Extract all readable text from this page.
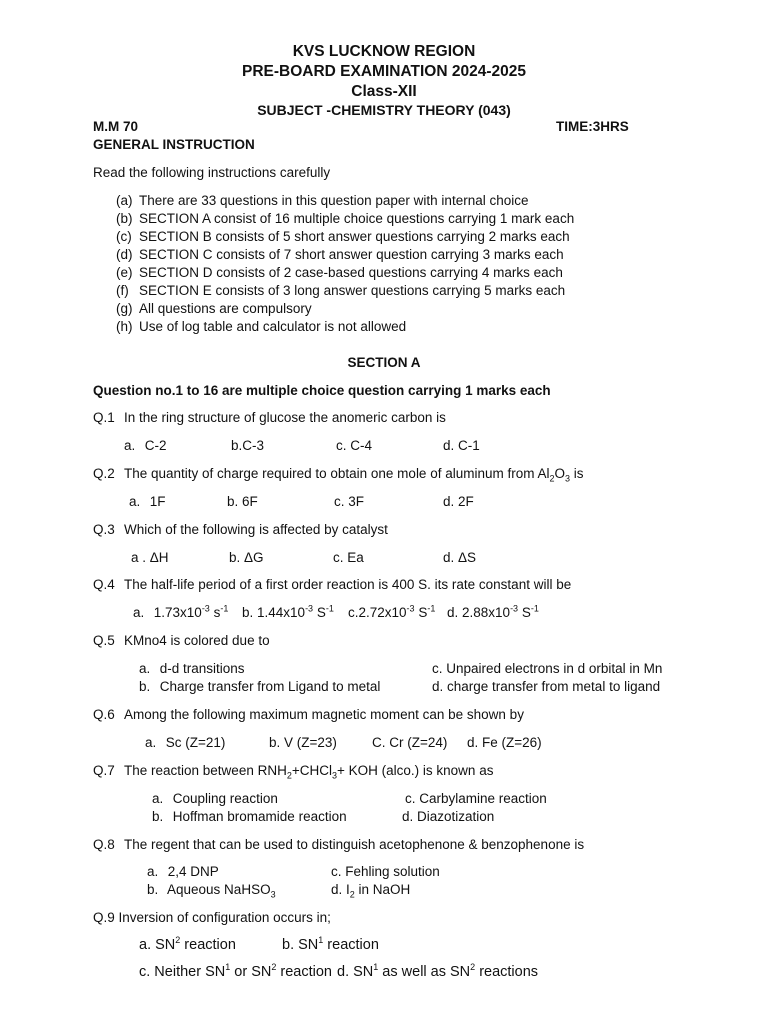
KVS LUCKNOW REGION
PRE-BOARD EXAMINATION 2024-2025
Class-XII
SUBJECT -CHEMISTRY THEORY (043)
M.M 70	TIME:3HRS
GENERAL INSTRUCTION
Read the following instructions carefully
(a) There are 33 questions in this question paper with internal choice
(b) SECTION A consist of 16 multiple choice questions carrying 1 mark each
(c) SECTION B consists of 5 short answer questions carrying 2 marks each
(d) SECTION C consists of 7 short answer question carrying 3 marks each
(e) SECTION D consists of 2 case-based questions carrying 4 marks each
(f) SECTION E consists of 3 long answer questions carrying 5 marks each
(g) All questions are compulsory
(h) Use of log table and calculator is not allowed
SECTION A
Question no.1 to 16 are multiple choice question carrying 1 marks each
Q.1 In the ring structure of glucose the anomeric carbon is
a. C-2	b.C-3	c. C-4	d. C-1
Q.2 The quantity of charge required to obtain one mole of aluminum from $Al_2O_3$ is
a. 1F	b. 6F	c. 3F	d. 2F
Q.3 Which of the following is affected by catalyst
a . ΔH	b. ΔG	c. Ea	d. ΔS
Q.4 The half-life period of a first order reaction is 400 S. its rate constant will be
a. $1.73x10^{-3}$ $s^{-1}$ b. $1.44x10^{-3}$ $S^{-1}$ $c.2.72x10^{-3}$ $S^{-1}$ d. $2.88x10^{-3}$ $S^{-1}$
Q.5 KMno4 is colored due to
a. d-d transitions
b. Charge transfer from Ligand to metal
c. Unpaired electrons in d orbital in Mn
d. charge transfer from metal to ligand
Q.6 Among the following maximum magnetic moment can be shown by
a. Sc (Z=21)	b. V (Z=23)	C. Cr (Z=24) d. Fe (Z=26)
Q.7 The reaction between $RNH_2+CHCl_3+$ KOH (alco.) is known as
a. Coupling reaction
b. Hoffman bromamide reaction
c. Carbylamine reaction
d. Diazotization
Q.8 The regent that can be used to distinguish acetophenone & benzophenone is
a. 2,4 DNP
b. Aqueous NaHSO$_3$
c. Fehling solution
d. $I_2$ in NaOH
Q.9 Inversion of configuration occurs in;
a. $SN^2$ reaction	b. $SN^1$ reaction
c. Neither $SN^1$ or $SN^2$ reaction d. $SN^1$ as well as $SN^2$ reactions
